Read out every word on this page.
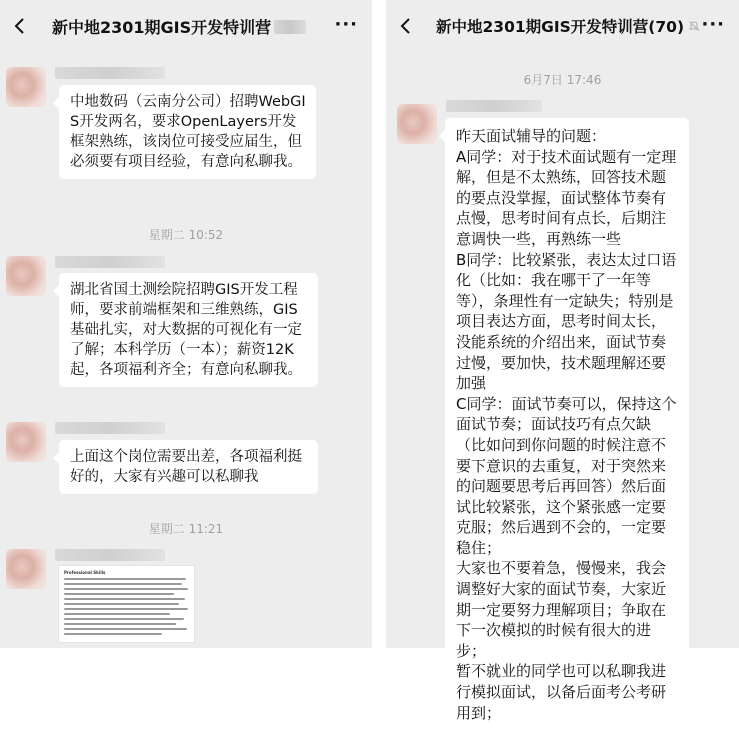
新中地2301期GIS开发特训营	···
中地数码（云南分公司）招聘WebGIS开发两名，要求OpenLayers开发框架熟练，该岗位可接受应届生，但必须要有项目经验，有意向私聊我。
星期二 10:52
湖北省国土测绘院招聘GIS开发工程师，要求前端框架和三维熟练，GIS基础扎实，对大数据的可视化有一定了解；本科学历（一本）；薪资12K起，各项福利齐全；有意向私聊我。
上面这个岗位需要出差，各项福利挺好的，大家有兴趣可以私聊我
星期二 11:21
Professional Skills
新中地2301期GIS开发特训营(70) ···
6月7日 17:46
昨天面试辅导的问题：
A同学：对于技术面试题有一定理解，但是不太熟练，回答技术题的要点没掌握，面试整体节奏有点慢，思考时间有点长，后期注意调快一些，再熟练一些
B同学：比较紧张，表达太过口语化（比如：我在哪干了一年等等），条理性有一定缺失；特别是项目表达方面，思考时间太长，没能系统的介绍出来，面试节奏过慢，要加快，技术题理解还要加强
C同学：面试节奏可以，保持这个面试节奏；面试技巧有点欠缺（比如问到你问题的时候注意不要下意识的去重复，对于突然来的问题要思考后再回答）然后面试比较紧张，这个紧张感一定要克服；然后遇到不会的，一定要稳住；
大家也不要着急，慢慢来，我会调整好大家的面试节奏，大家近期一定要努力理解项目；争取在下一次模拟的时候有很大的进步；
暂不就业的同学也可以私聊我进行模拟面试，以备后面考公考研用到；
